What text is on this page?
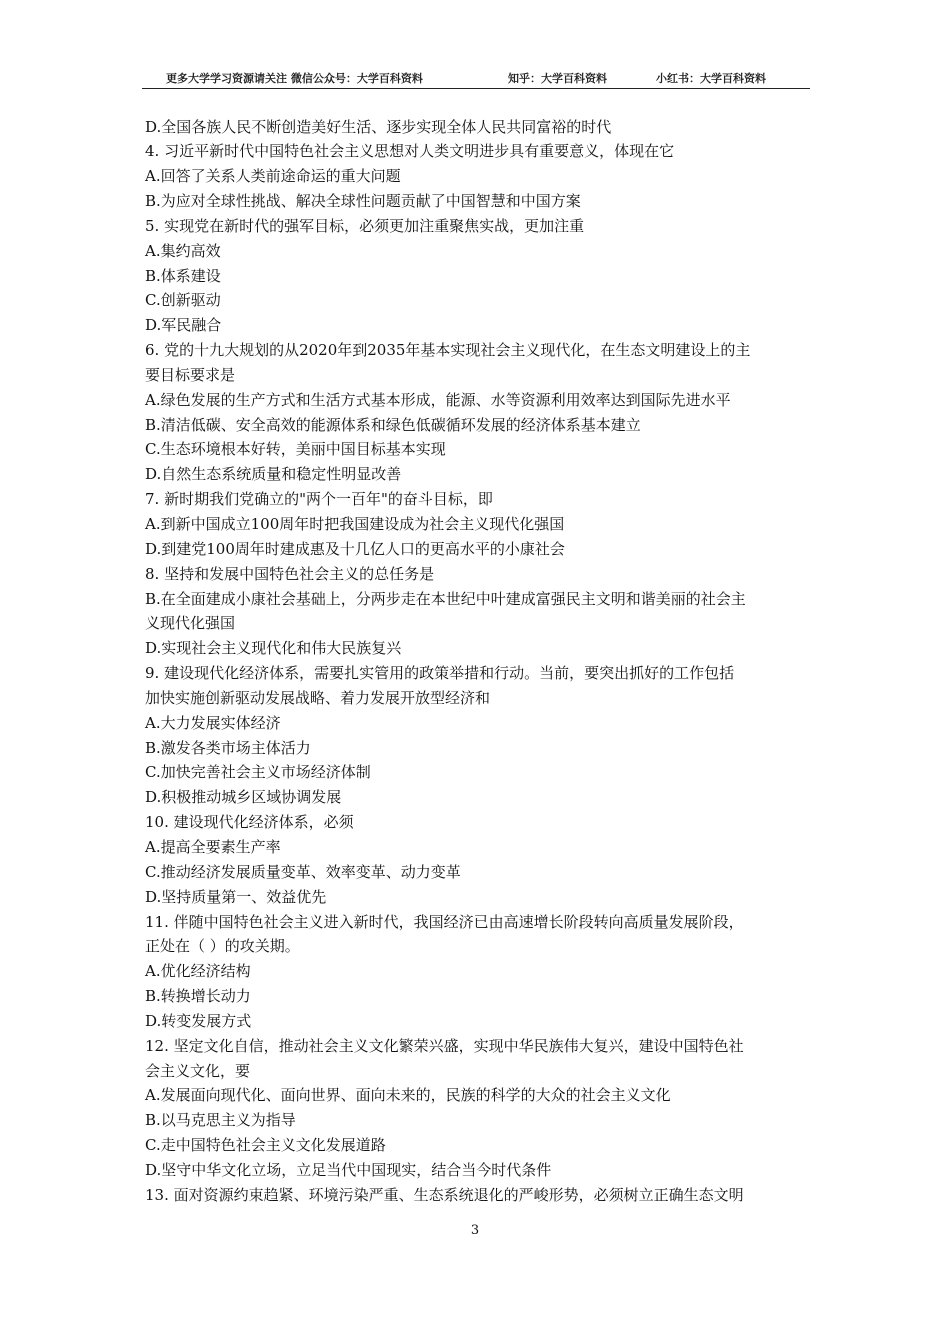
更多大学学习资源请关注 微信公众号：大学百科资料	知乎：大学百科资料	小红书：大学百科资料
D.全国各族人民不断创造美好生活、逐步实现全体人民共同富裕的时代
4. 习近平新时代中国特色社会主义思想对人类文明进步具有重要意义，体现在它
A.回答了关系人类前途命运的重大问题
B.为应对全球性挑战、解决全球性问题贡献了中国智慧和中国方案
5. 实现党在新时代的强军目标，必须更加注重聚焦实战，更加注重
A.集约高效
B.体系建设
C.创新驱动
D.军民融合
6. 党的十九大规划的从2020年到2035年基本实现社会主义现代化，在生态文明建设上的主
要目标要求是
A.绿色发展的生产方式和生活方式基本形成，能源、水等资源利用效率达到国际先进水平
B.清洁低碳、安全高效的能源体系和绿色低碳循环发展的经济体系基本建立
C.生态环境根本好转，美丽中国目标基本实现
D.自然生态系统质量和稳定性明显改善
7. 新时期我们党确立的"两个一百年"的奋斗目标，即
A.到新中国成立100周年时把我国建设成为社会主义现代化强国
D.到建党100周年时建成惠及十几亿人口的更高水平的小康社会
8. 坚持和发展中国特色社会主义的总任务是
B.在全面建成小康社会基础上，分两步走在本世纪中叶建成富强民主文明和谐美丽的社会主
义现代化强国
D.实现社会主义现代化和伟大民族复兴
9. 建设现代化经济体系，需要扎实管用的政策举措和行动。当前，要突出抓好的工作包括
加快实施创新驱动发展战略、着力发展开放型经济和
A.大力发展实体经济
B.激发各类市场主体活力
C.加快完善社会主义市场经济体制
D.积极推动城乡区域协调发展
10. 建设现代化经济体系，必须
A.提高全要素生产率
C.推动经济发展质量变革、效率变革、动力变革
D.坚持质量第一、效益优先
11. 伴随中国特色社会主义进入新时代，我国经济已由高速增长阶段转向高质量发展阶段，
正处在（ ）的攻关期。
A.优化经济结构
B.转换增长动力
D.转变发展方式
12. 坚定文化自信，推动社会主义文化繁荣兴盛，实现中华民族伟大复兴，建设中国特色社
会主义文化，要
A.发展面向现代化、面向世界、面向未来的，民族的科学的大众的社会主义文化
B.以马克思主义为指导
C.走中国特色社会主义文化发展道路
D.坚守中华文化立场，立足当代中国现实，结合当今时代条件
13. 面对资源约束趋紧、环境污染严重、生态系统退化的严峻形势，必须树立正确生态文明
3
